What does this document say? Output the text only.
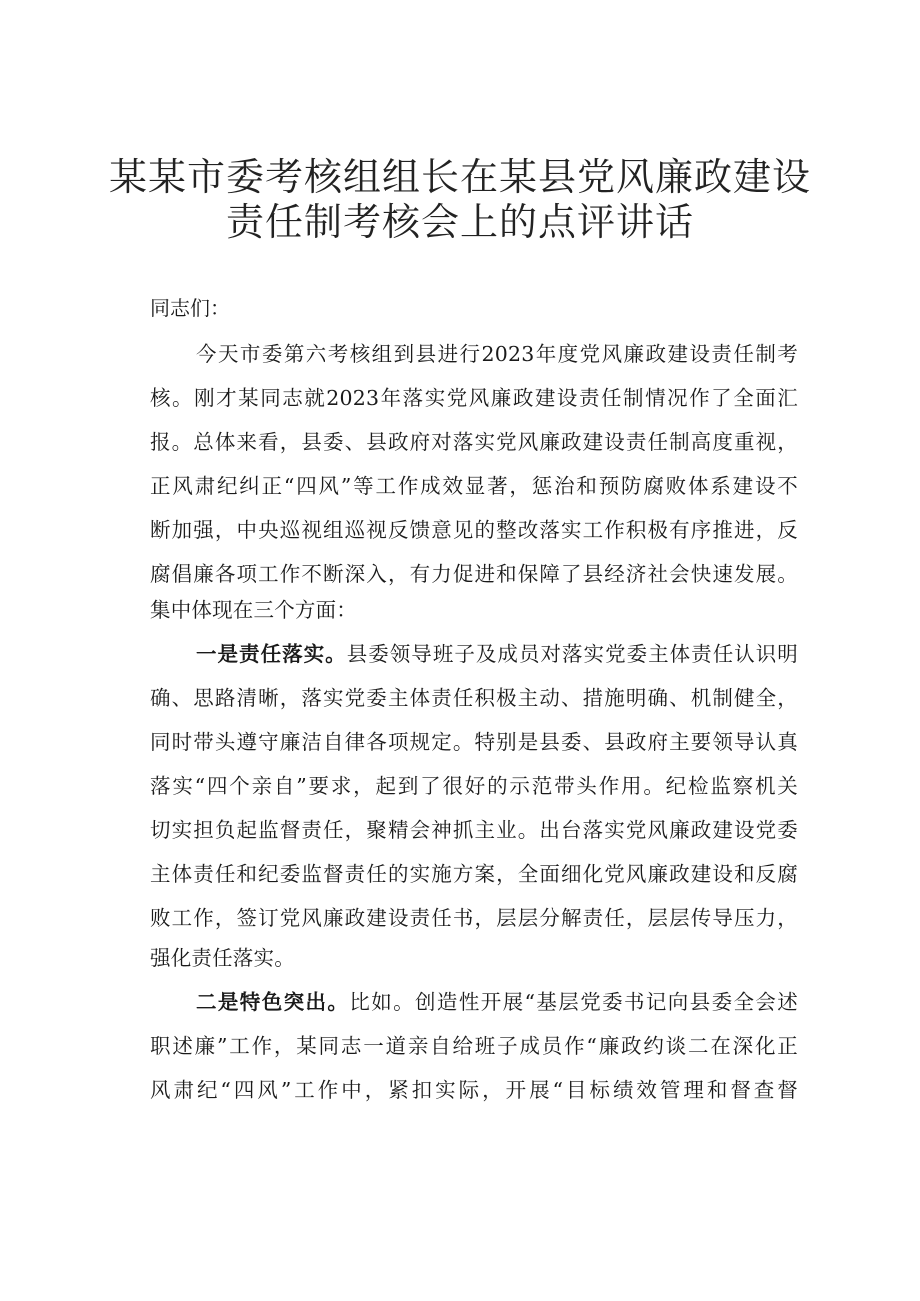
某某市委考核组组长在某县党风廉政建设
责任制考核会上的点评讲话
同志们：
今天市委第六考核组到县进行2023年度党风廉政建设责任制考
核。刚才某同志就2023年落实党风廉政建设责任制情况作了全面汇
报。总体来看，县委、县政府对落实党风廉政建设责任制高度重视，
正风肃纪纠正“四风”等工作成效显著，惩治和预防腐败体系建设不
断加强，中央巡视组巡视反馈意见的整改落实工作积极有序推进，反
腐倡廉各项工作不断深入，有力促进和保障了县经济社会快速发展。
集中体现在三个方面：
一是责任落实。县委领导班子及成员对落实党委主体责任认识明
确、思路清晰，落实党委主体责任积极主动、措施明确、机制健全，
同时带头遵守廉洁自律各项规定。特别是县委、县政府主要领导认真
落实“四个亲自”要求，起到了很好的示范带头作用。纪检监察机关
切实担负起监督责任，聚精会神抓主业。出台落实党风廉政建设党委
主体责任和纪委监督责任的实施方案，全面细化党风廉政建设和反腐
败工作，签订党风廉政建设责任书，层层分解责任，层层传导压力，
强化责任落实。
二是特色突出。比如。创造性开展“基层党委书记向县委全会述
职述廉”工作，某同志一道亲自给班子成员作“廉政约谈二在深化正
风肃纪“四风”工作中，紧扣实际，开展“目标绩效管理和督查督
